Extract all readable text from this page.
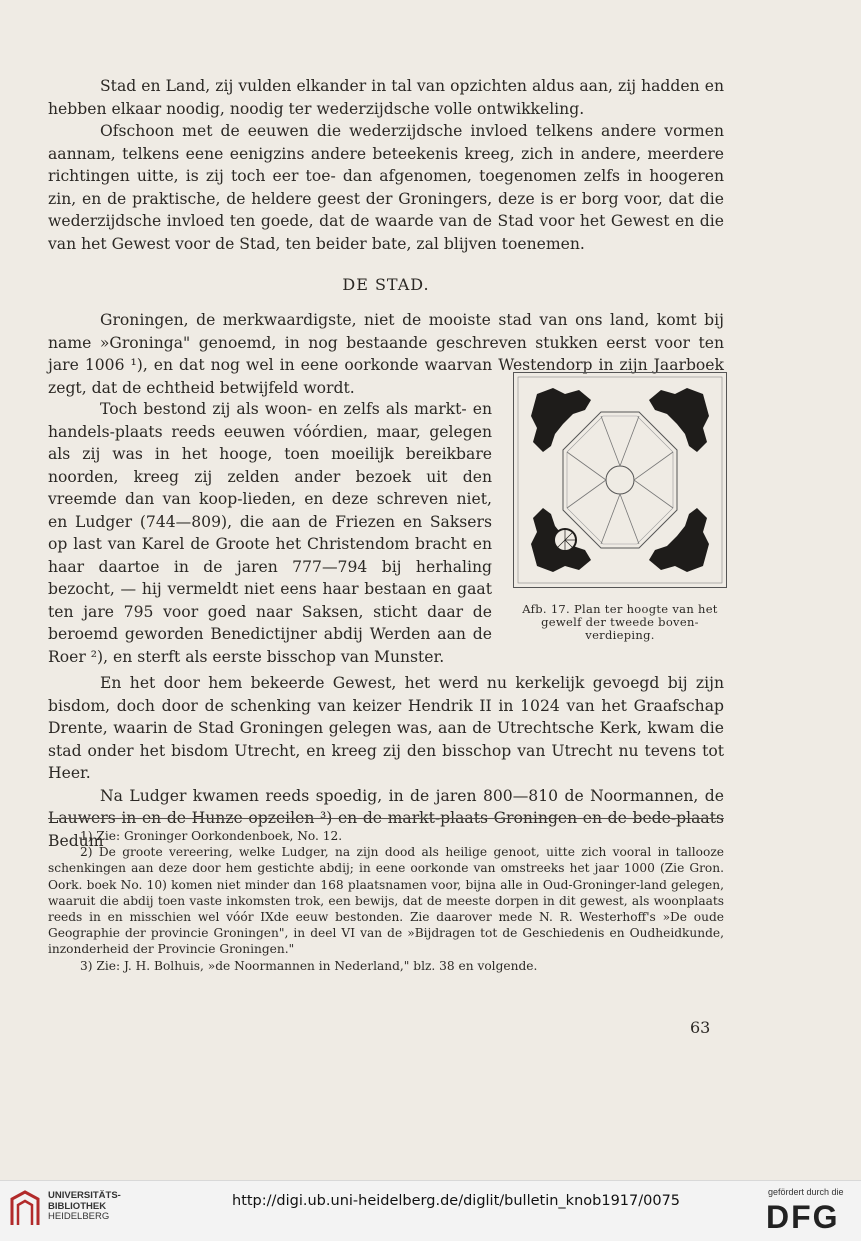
Stad en Land, zij vulden elkander in tal van opzichten aldus aan, zij hadden en hebben elkaar noodig, noodig ter wederzijdsche volle ontwikkeling.

Ofschoon met de eeuwen die wederzijdsche invloed telkens andere vormen aannam, telkens eene eenigzins andere beteekenis kreeg, zich in andere, meerdere richtingen uitte, is zij toch eer toe- dan afgenomen, toegenomen zelfs in hoogeren zin, en de praktische, de heldere geest der Groningers, deze is er borg voor, dat die wederzijdsche invloed ten goede, dat de waarde van de Stad voor het Gewest en die van het Gewest voor de Stad, ten beider bate, zal blijven toenemen.

DE STAD.

Groningen, de merkwaardigste, niet de mooiste stad van ons land, komt bij name »Groninga" genoemd, in nog bestaande geschreven stukken eerst voor ten jare 1006 ¹), en dat nog wel in eene oorkonde waarvan Westendorp in zijn Jaarboek zegt, dat de echtheid betwijfeld wordt.

Toch bestond zij als woon- en zelfs als markt- en handels-plaats reeds eeuwen vóórdien, maar, gelegen als zij was in het hooge, toen moeilijk bereikbare noorden, kreeg zij zelden ander bezoek uit den vreemde dan van koop-lieden, en deze schreven niet, en Ludger (744—809), die aan de Friezen en Saksers op last van Karel de Groote het Christendom bracht en haar daartoe in de jaren 777—794 bij herhaling bezocht, — hij vermeldt niet eens haar bestaan en gaat ten jare 795 voor goed naar Saksen, sticht daar de beroemd geworden Benedictijner abdij Werden aan de Roer ²), en sterft als eerste bisschop van Munster.

En het door hem bekeerde Gewest, het werd nu kerkelijk gevoegd bij zijn bisdom, doch door de schenking van keizer Hendrik II in 1024 van het Graafschap Drente, waarin de Stad Groningen gelegen was, aan de Utrechtsche Kerk, kwam die stad onder het bisdom Utrecht, en kreeg zij den bisschop van Utrecht nu tevens tot Heer.

Na Ludger kwamen reeds spoedig, in de jaren 800—810 de Noormannen, de Lauwers in en de Hunze opzeilen ³) en de markt-plaats Groningen en de bede-plaats Bedum

Afb. 17. Plan ter hoogte van het gewelf der tweede boven-verdieping.

1) Zie: Groninger Oorkondenboek, No. 12.

2) De groote vereering, welke Ludger, na zijn dood als heilige genoot, uitte zich vooral in tallooze schenkingen aan deze door hem gestichte abdij; in eene oorkonde van omstreeks het jaar 1000 (Zie Gron. Oork. boek No. 10) komen niet minder dan 168 plaatsnamen voor, bijna alle in Oud-Groninger-land gelegen, waaruit die abdij toen vaste inkomsten trok, een bewijs, dat de meeste dorpen in dit gewest, als woonplaats reeds in en misschien wel vóór IXde eeuw bestonden. Zie daarover mede N. R. Westerhoff's »De oude Geographie der provincie Groningen", in deel VI van de »Bijdragen tot de Geschiedenis en Oudheidkunde, inzonderheid der Provincie Groningen."

3) Zie: J. H. Bolhuis, »de Noormannen in Nederland," blz. 38 en volgende.

63
UNIVERSITÄTS-
BIBLIOTHEK
HEIDELBERG
http://digi.ub.uni-heidelberg.de/diglit/bulletin_knob1917/0075
gefördert durch die
DFG
